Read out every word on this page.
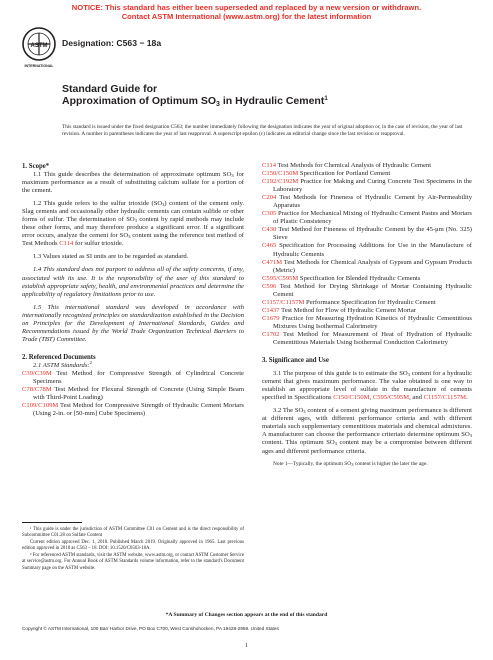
NOTICE: This standard has either been superseded and replaced by a new version or withdrawn.
Contact ASTM International (www.astm.org) for the latest information
ASTM
INTERNATIONAL
Designation: C563 − 18a
Standard Guide for
Approximation of Optimum $SO_3$ in Hydraulic Cement$^1$
This standard is issued under the fixed designation C563; the number immediately following the designation indicates the year of original adoption or, in the case of revision, the year of last revision. A number in parentheses indicates the year of last reapproval. A superscript epsilon (ε) indicates an editorial change since the last revision or reapproval.
1. Scope*

1.1 This guide describes the determination of approximate optimum $SO_3$ for maximum performance as a result of substituting calcium sulfate for a portion of the cement.

1.2 This guide refers to the sulfur trioxide $(SO_3)$ content of the cement only. Slag cements and occasionally other hydraulic cements can contain sulfide or other forms of sulfur. The determination of $SO_3$ content by rapid methods may include these other forms, and may therefore produce a significant error. If a significant error occurs, analyze the cement for $SO_3$ content using the reference test method of Test Methods C114 for sulfur trioxide.

1.3 Values stated as SI units are to be regarded as standard.

1.4 This standard does not purport to address all of the safety concerns, if any, associated with its use. It is the responsibility of the user of this standard to establish appropriate safety, health, and environmental practices and determine the applicability of regulatory limitations prior to use.

1.5 This international standard was developed in accordance with internationally recognized principles on standardization established in the Decision on Principles for the Development of International Standards, Guides and Recommendations issued by the World Trade Organization Technical Barriers to Trade (TBT) Committee.

2. Referenced Documents

2.1 ASTM Standards:$^2$

C39/C39M Test Method for Compressive Strength of Cylindrical Concrete Specimens

C78/C78M Test Method for Flexural Strength of Concrete (Using Simple Beam with Third-Point Loading)

C109/C109M Test Method for Compressive Strength of Hydraulic Cement Mortars (Using 2-in. or [50-mm] Cube Specimens)

¹ This guide is under the jurisdiction of ASTM Committee C01 on Cement and is the direct responsibility of Subcommittee C01.28 on Sulfate Content

Current edition approved Dec. 1, 2018. Published March 2019. Originally approved in 1965. Last previous edition approved in 2018 as C563 – 18. DOI: 10.1520/C0563-18A.

² For referenced ASTM standards, visit the ASTM website, www.astm.org, or contact ASTM Customer Service at service@astm.org. For Annual Book of ASTM Standards volume information, refer to the standard's Document Summary page on the ASTM website.

C114 Test Methods for Chemical Analysis of Hydraulic Cement

C150/C150M Specification for Portland Cement

C192/C192M Practice for Making and Curing Concrete Test Specimens in the Laboratory

C204 Test Methods for Fineness of Hydraulic Cement by Air-Permeability Apparatus

C305 Practice for Mechanical Mixing of Hydraulic Cement Pastes and Mortars of Plastic Consistency

C430 Test Method for Fineness of Hydraulic Cement by the 45-μm (No. 325) Sieve

C465 Specification for Processing Additions for Use in the Manufacture of Hydraulic Cements

C471M Test Methods for Chemical Analysis of Gypsum and Gypsum Products (Metric)

C595/C595M Specification for Blended Hydraulic Cements

C596 Test Method for Drying Shrinkage of Mortar Containing Hydraulic Cement

C1157/C1157M Performance Specification for Hydraulic Cement

C1437 Test Method for Flow of Hydraulic Cement Mortar

C1679 Practice for Measuring Hydration Kinetics of Hydraulic Cementitious Mixtures Using Isothermal Calorimetry

C1702 Test Method for Measurement of Heat of Hydration of Hydraulic Cementitious Materials Using Isothermal Conduction Calorimetry

3. Significance and Use

3.1 The purpose of this guide is to estimate the $SO_3$ content for a hydraulic cement that gives maximum performance. The value obtained is one way to establish an appropriate level of sulfate in the manufacture of cements specified in Specifications C150/C150M, C595/C595M, and C1157/C1157M.

3.2 The $SO_3$ content of a cement giving maximum performance is different at different ages, with different performance criteria and with different materials such supplementary cementitious materials and chemical admixtures. A manufacturer can choose the performance criteriato determine optimum $SO_3$ content. This optimum $SO_3$ content may be a compromise between different ages and different performance criteria.

Note 1—Typically, the optimum $SO_3$ content is higher the later the age.

*A Summary of Changes section appears at the end of this standard
Copyright © ASTM International, 100 Barr Harbor Drive, PO Box C700, West Conshohocken, PA 19428-2959. United States
1
